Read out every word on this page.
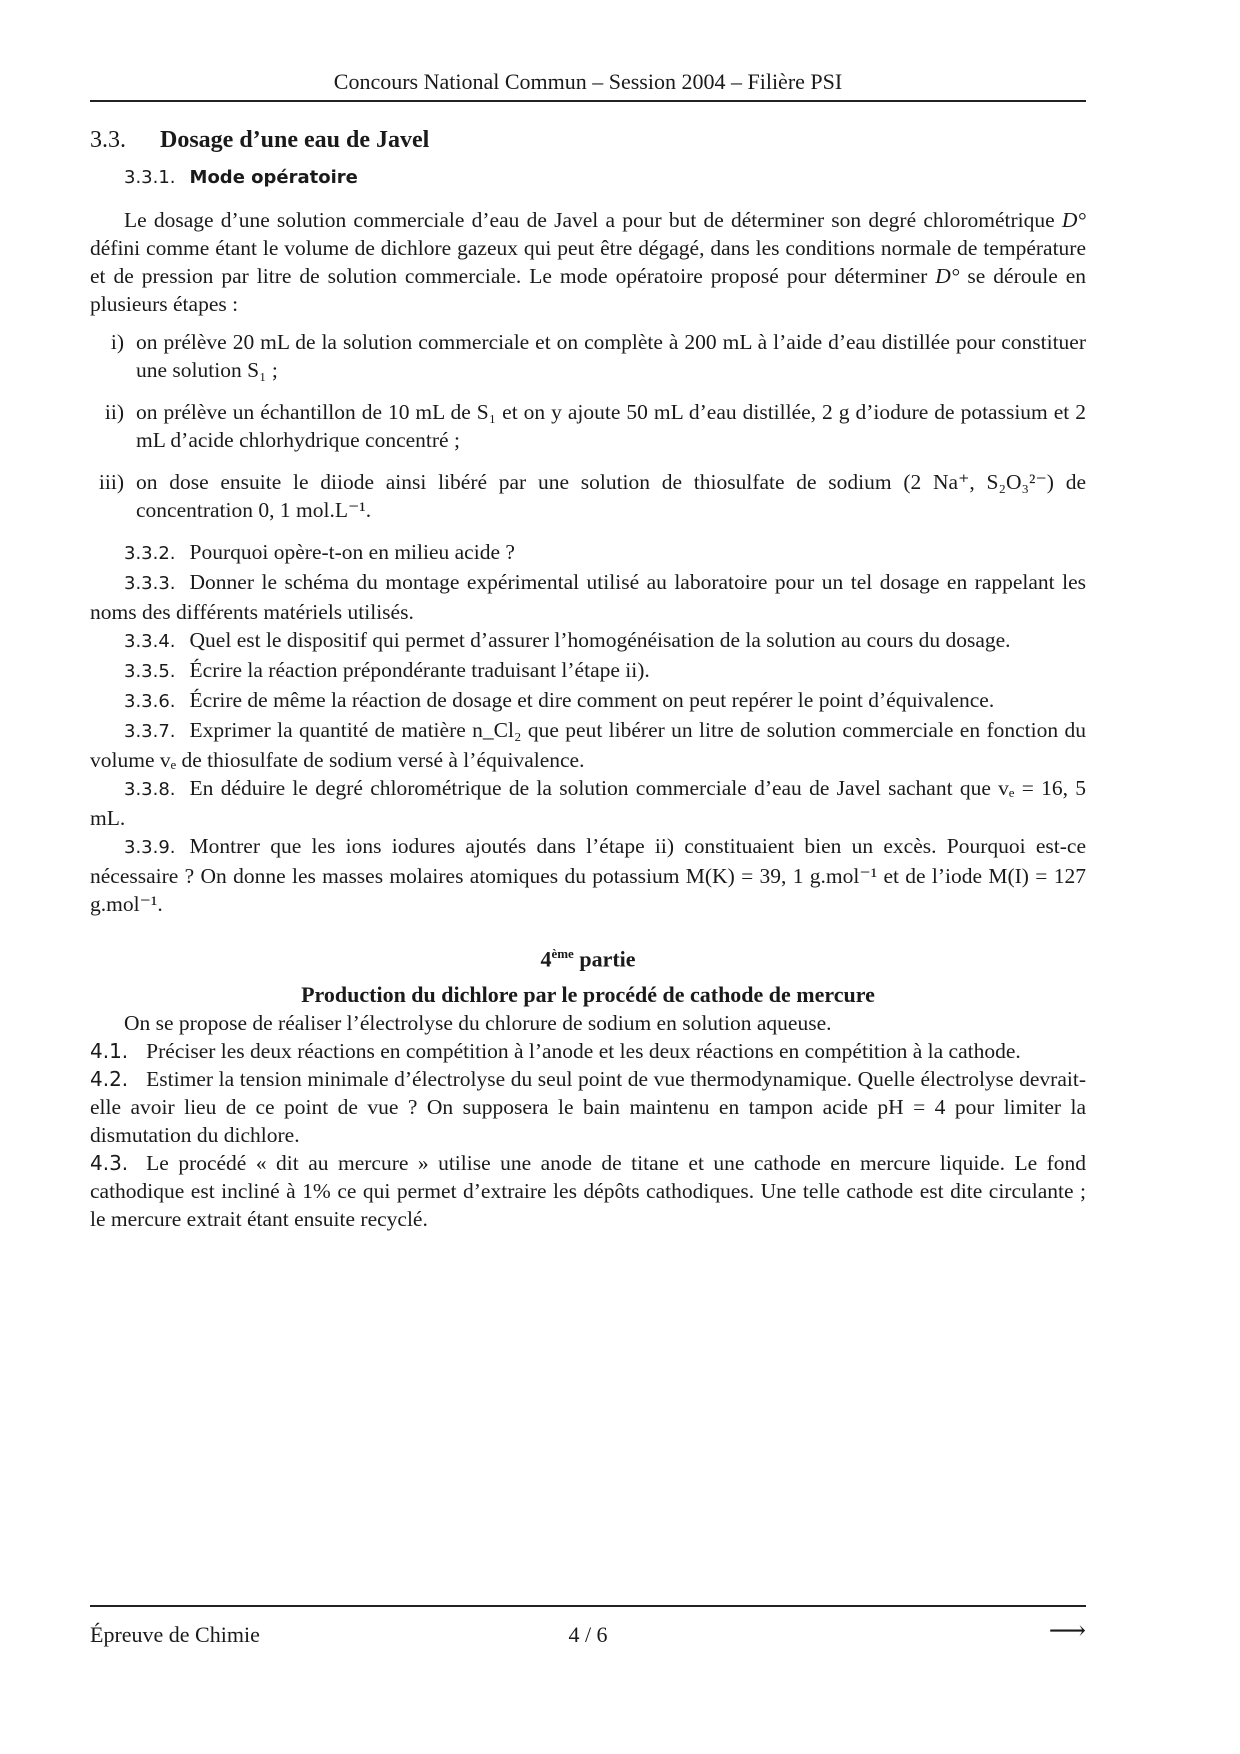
Concours National Commun – Session 2004 – Filière PSI
3.3. Dosage d’une eau de Javel
3.3.1. Mode opératoire

Le dosage d’une solution commerciale d’eau de Javel a pour but de déterminer son degré chlorométrique D° défini comme étant le volume de dichlore gazeux qui peut être dégagé, dans les conditions normale de température et de pression par litre de solution commerciale. Le mode opératoire proposé pour déterminer D° se déroule en plusieurs étapes :

i) on prélève 20 mL de la solution commerciale et on complète à 200 mL à l’aide d’eau distillée pour constituer une solution S₁ ;
ii) on prélève un échantillon de 10 mL de S₁ et on y ajoute 50 mL d’eau distillée, 2 g d’iodure de potassium et 2 mL d’acide chlorhydrique concentré ;
iii) on dose ensuite le diiode ainsi libéré par une solution de thiosulfate de sodium (2 Na⁺, S₂O₃²⁻) de concentration 0, 1 mol.L⁻¹.

3.3.2. Pourquoi opère-t-on en milieu acide ?

3.3.3. Donner le schéma du montage expérimental utilisé au laboratoire pour un tel dosage en rappelant les noms des différents matériels utilisés.

3.3.4. Quel est le dispositif qui permet d’assurer l’homogénéisation de la solution au cours du dosage.

3.3.5. Écrire la réaction prépondérante traduisant l’étape ii).

3.3.6. Écrire de même la réaction de dosage et dire comment on peut repérer le point d’équivalence.

3.3.7. Exprimer la quantité de matière n_Cl₂ que peut libérer un litre de solution commerciale en fonction du volume vₑ de thiosulfate de sodium versé à l’équivalence.

3.3.8. En déduire le degré chlorométrique de la solution commerciale d’eau de Javel sachant que vₑ = 16, 5 mL.

3.3.9. Montrer que les ions iodures ajoutés dans l’étape ii) constituaient bien un excès. Pourquoi est-ce nécessaire ? On donne les masses molaires atomiques du potassium M(K) = 39, 1 g.mol⁻¹ et de l’iode M(I) = 127 g.mol⁻¹.

4ème partie
Production du dichlore par le procédé de cathode de mercure

On se propose de réaliser l’électrolyse du chlorure de sodium en solution aqueuse.

4.1. Préciser les deux réactions en compétition à l’anode et les deux réactions en compétition à la cathode.

4.2. Estimer la tension minimale d’électrolyse du seul point de vue thermodynamique. Quelle électrolyse devrait-elle avoir lieu de ce point de vue ? On supposera le bain maintenu en tampon acide pH = 4 pour limiter la dismutation du dichlore.

4.3. Le procédé « dit au mercure » utilise une anode de titane et une cathode en mercure liquide. Le fond cathodique est incliné à 1% ce qui permet d’extraire les dépôts cathodiques. Une telle cathode est dite circulante ; le mercure extrait étant ensuite recyclé.

Épreuve de Chimie	4 / 6	⟶
